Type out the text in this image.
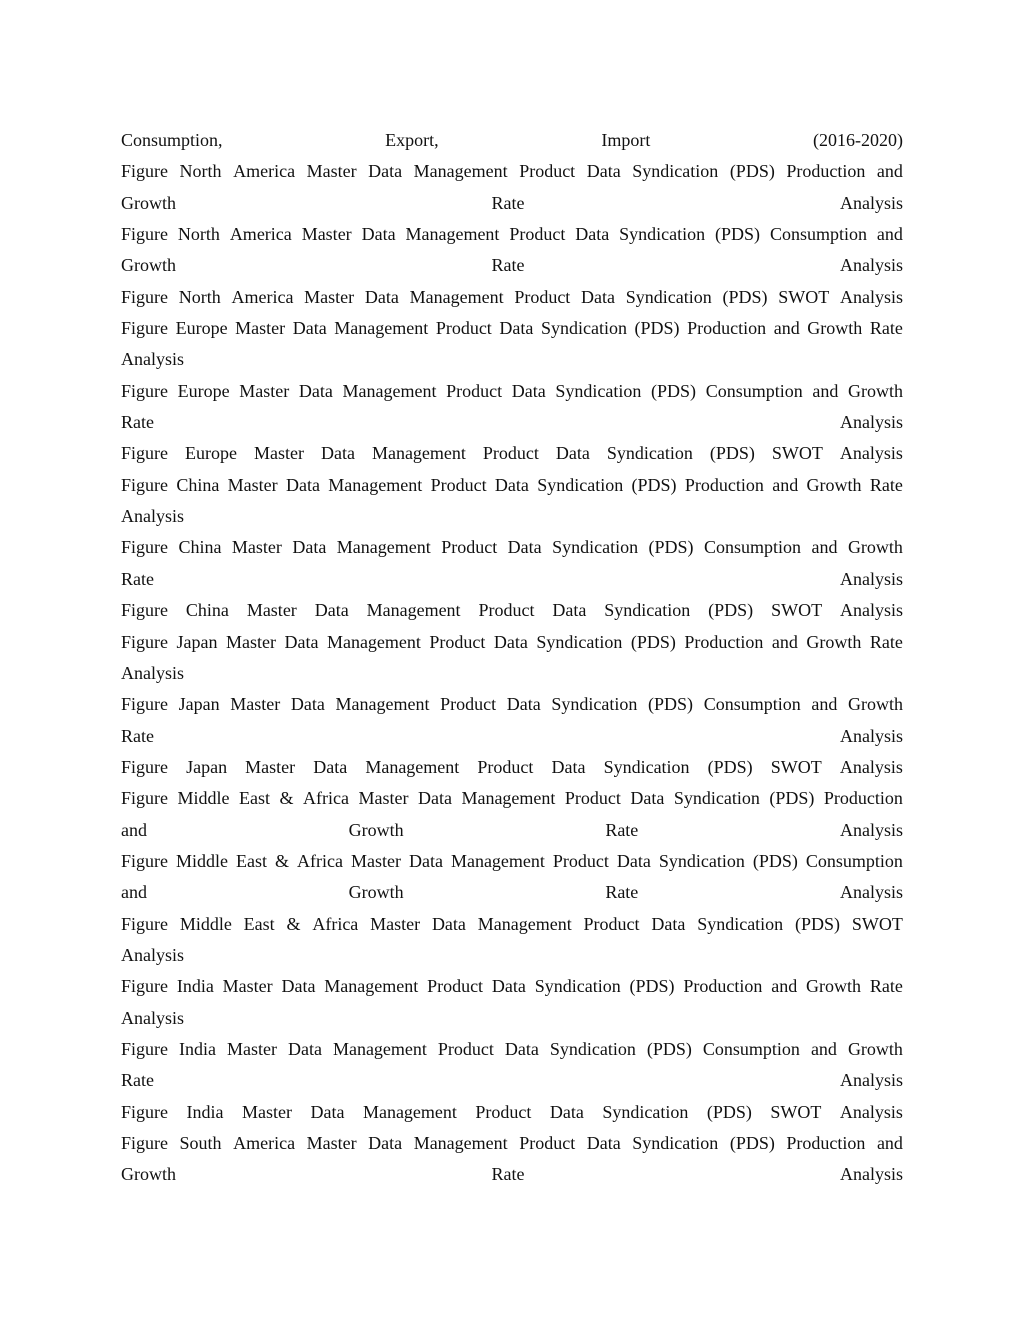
Consumption,	Export,	Import	(2016-2020)
Figure North America Master Data Management Product Data Syndication (PDS) Production and
Growth	Rate	Analysis
Figure North America Master Data Management Product Data Syndication (PDS) Consumption and
Growth	Rate	Analysis
Figure North America Master Data Management Product Data Syndication (PDS) SWOT Analysis
Figure Europe Master Data Management Product Data Syndication (PDS) Production and Growth Rate
Analysis
Figure Europe Master Data Management Product Data Syndication (PDS) Consumption and Growth
Rate	Analysis
Figure Europe Master Data Management Product Data Syndication (PDS) SWOT Analysis
Figure China Master Data Management Product Data Syndication (PDS) Production and Growth Rate
Analysis
Figure China Master Data Management Product Data Syndication (PDS) Consumption and Growth
Rate	Analysis
Figure China Master Data Management Product Data Syndication (PDS) SWOT Analysis
Figure Japan Master Data Management Product Data Syndication (PDS) Production and Growth Rate
Analysis
Figure Japan Master Data Management Product Data Syndication (PDS) Consumption and Growth
Rate	Analysis
Figure Japan Master Data Management Product Data Syndication (PDS) SWOT Analysis
Figure Middle East & Africa Master Data Management Product Data Syndication (PDS) Production
and	Growth	Rate	Analysis
Figure Middle East & Africa Master Data Management Product Data Syndication (PDS) Consumption
and	Growth	Rate	Analysis
Figure Middle East & Africa Master Data Management Product Data Syndication (PDS) SWOT
Analysis
Figure India Master Data Management Product Data Syndication (PDS) Production and Growth Rate
Analysis
Figure India Master Data Management Product Data Syndication (PDS) Consumption and Growth
Rate	Analysis
Figure India Master Data Management Product Data Syndication (PDS) SWOT Analysis
Figure South America Master Data Management Product Data Syndication (PDS) Production and
Growth	Rate	Analysis
